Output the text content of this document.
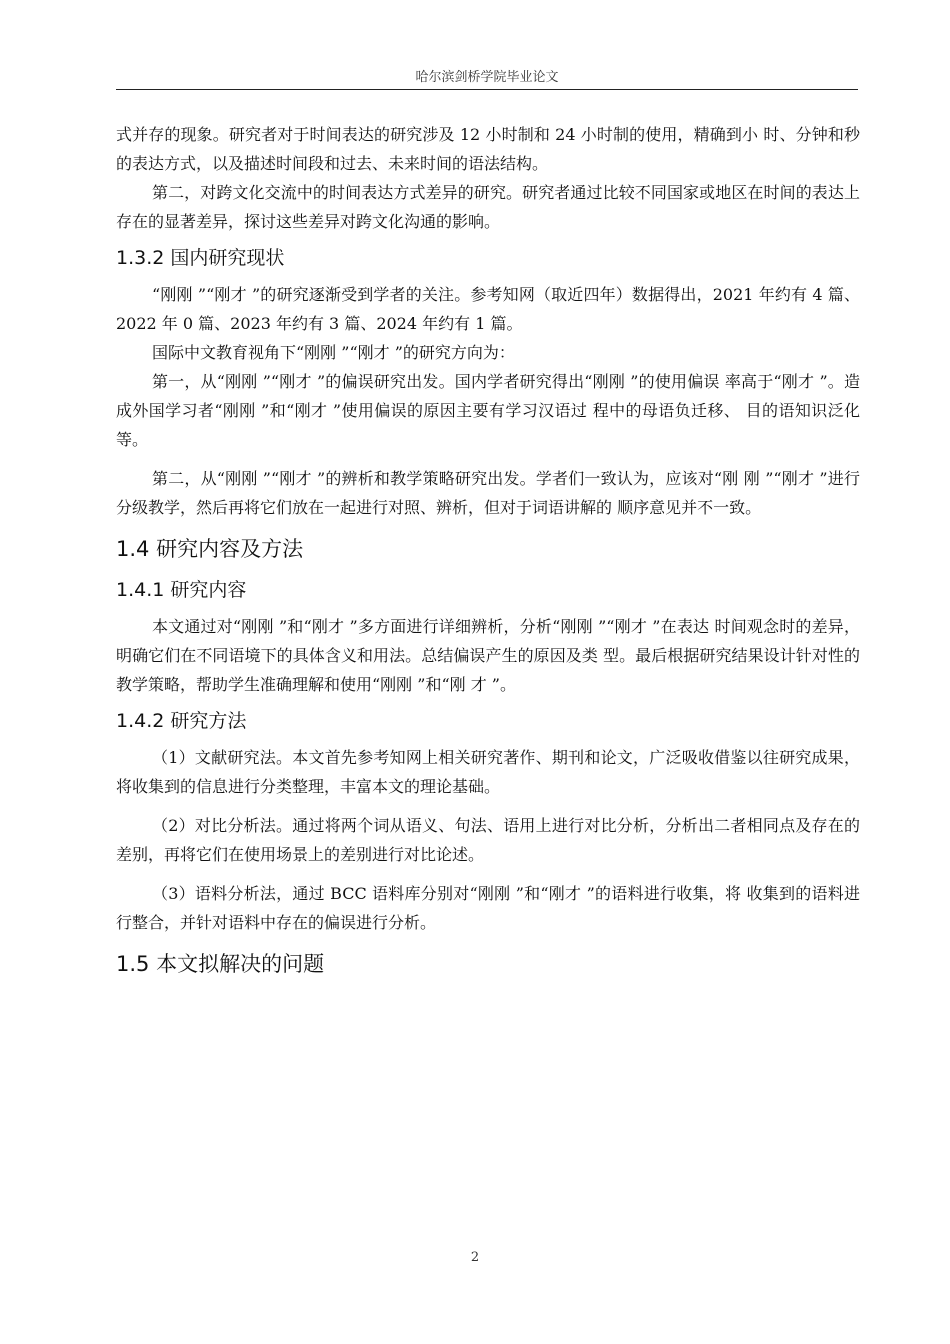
哈尔滨剑桥学院毕业论文

式并存的现象。研究者对于时间表达的研究涉及 12 小时制和 24 小时制的使用，精确到小 时、分钟和秒的表达方式，以及描述时间段和过去、未来时间的语法结构。

第二，对跨文化交流中的时间表达方式差异的研究。研究者通过比较不同国家或地区在时间的表达上存在的显著差异，探讨这些差异对跨文化沟通的影响。

1.3.2 国内研究现状

“刚刚 ”“刚才 ”的研究逐渐受到学者的关注。参考知网（取近四年）数据得出，2021 年约有 4 篇、2022 年 0 篇、2023 年约有 3 篇、2024 年约有 1 篇。

国际中文教育视角下“刚刚 ”“刚才 ”的研究方向为：

第一，从“刚刚 ”“刚才 ”的偏误研究出发。国内学者研究得出“刚刚 ”的使用偏误 率高于“刚才 ”。造成外国学习者“刚刚 ”和“刚才 ”使用偏误的原因主要有学习汉语过 程中的母语负迁移、 目的语知识泛化等。

第二，从“刚刚 ”“刚才 ”的辨析和教学策略研究出发。学者们一致认为，应该对“刚 刚 ”“刚才 ”进行分级教学，然后再将它们放在一起进行对照、辨析，但对于词语讲解的 顺序意见并不一致。

1.4 研究内容及方法
1.4.1 研究内容

本文通过对“刚刚 ”和“刚才 ”多方面进行详细辨析，分析“刚刚 ”“刚才 ”在表达 时间观念时的差异，明确它们在不同语境下的具体含义和用法。总结偏误产生的原因及类 型。最后根据研究结果设计针对性的教学策略，帮助学生准确理解和使用“刚刚 ”和“刚 才 ”。

1.4.2 研究方法

（1）文献研究法。本文首先参考知网上相关研究著作、期刊和论文，广泛吸收借鉴以往研究成果，将收集到的信息进行分类整理，丰富本文的理论基础。

（2）对比分析法。通过将两个词从语义、句法、语用上进行对比分析，分析出二者相同点及存在的差别，再将它们在使用场景上的差别进行对比论述。

（3）语料分析法，通过 BCC 语料库分别对“刚刚 ”和“刚才 ”的语料进行收集，将 收集到的语料进行整合，并针对语料中存在的偏误进行分析。

1.5 本文拟解决的问题
2
